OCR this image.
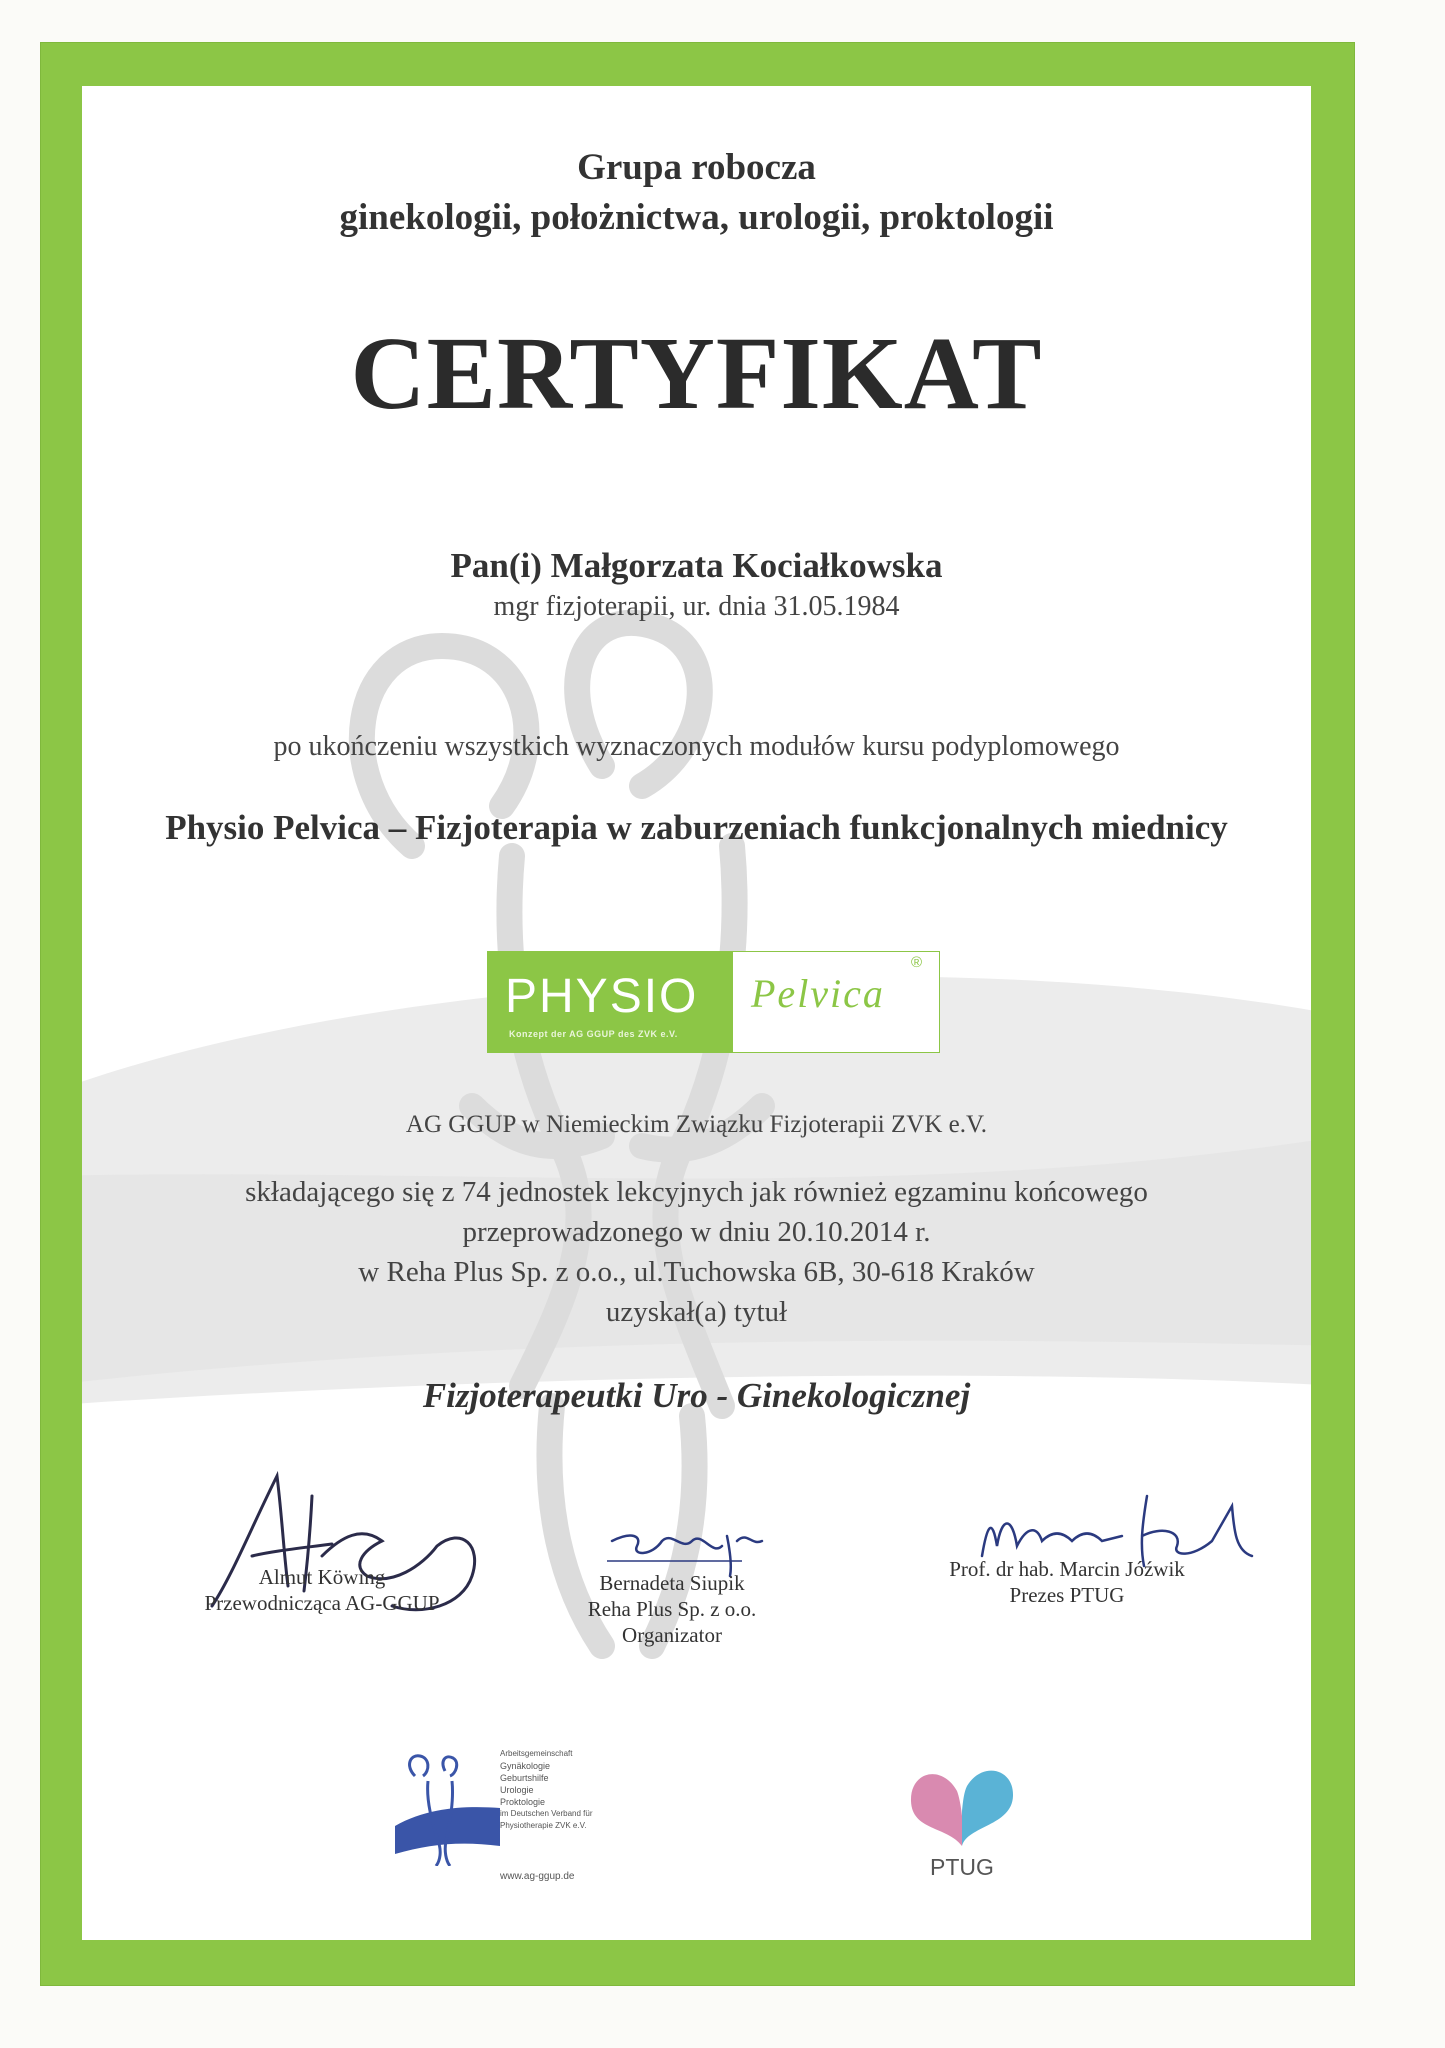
Grupa robocza
ginekologii, położnictwa, urologii, proktologii
CERTYFIKAT
Pan(i) Małgorzata Kociałkowska
mgr fizjoterapii, ur. dnia 31.05.1984
po ukończeniu wszystkich wyznaczonych modułów kursu podyplomowego
Physio Pelvica – Fizjoterapia w zaburzeniach funkcjonalnych miednicy
PHYSIO
Konzept der AG GGUP des ZVK e.V.
Pelvica
®
AG GGUP w Niemieckim Związku Fizjoterapii ZVK e.V.
składającego się z 74 jednostek lekcyjnych jak również egzaminu końcowego
przeprowadzonego w dniu 20.10.2014 r.
w Reha Plus Sp. z o.o., ul.Tuchowska 6B, 30-618 Kraków
uzyskał(a) tytuł
Fizjoterapeutki Uro - Ginekologicznej
Almut Köwing
Przewodnicząca AG-GGUP
Bernadeta Siupik
Reha Plus Sp. z o.o.
Organizator
Prof. dr hab. Marcin Jóźwik
Prezes PTUG
Arbeitsgemeinschaft
Gynäkologie
Geburtshilfe
Urologie
Proktologie
im Deutschen Verband für
Physiotherapie ZVK e.V.
www.ag-ggup.de	PTUG
